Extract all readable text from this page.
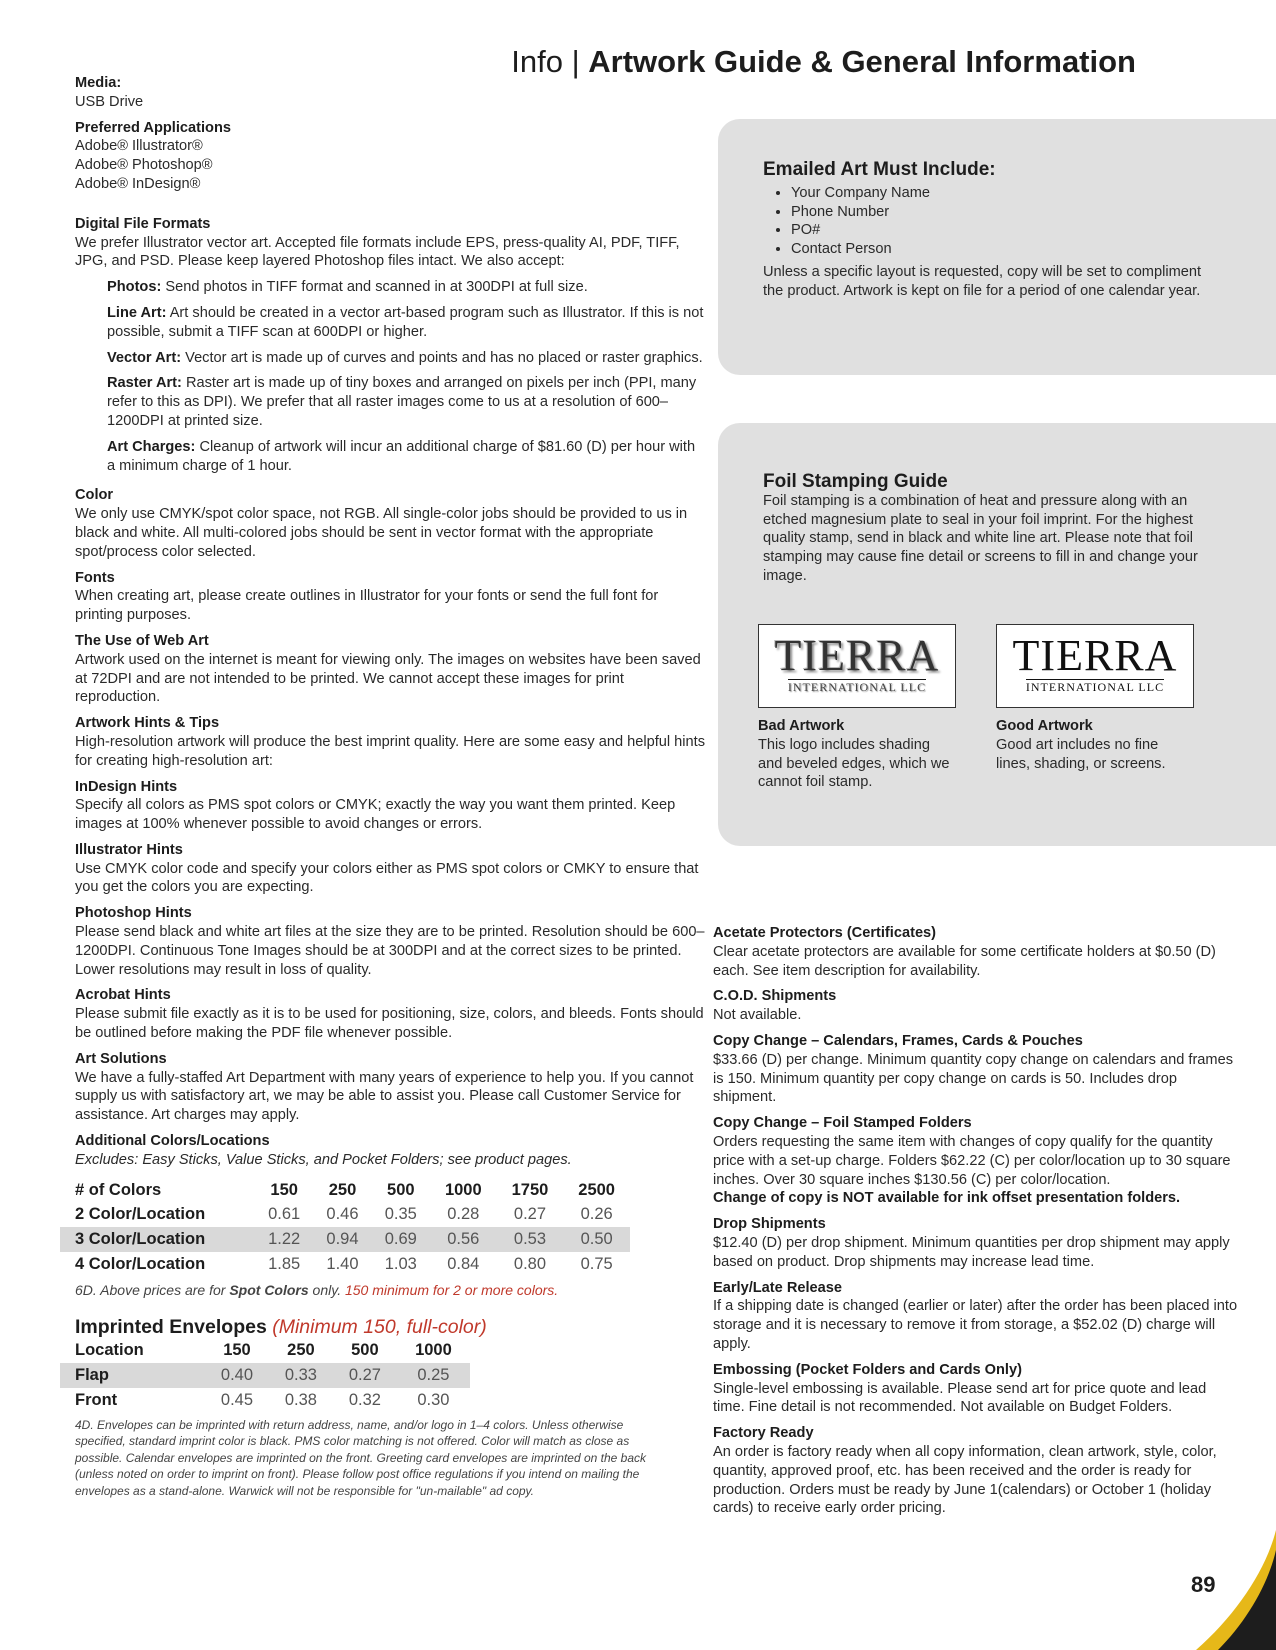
Info | Artwork Guide & General Information
Media:
USB Drive
Preferred Applications
Adobe® Illustrator®
Adobe® Photoshop®
Adobe® InDesign®
Digital File Formats
We prefer Illustrator vector art. Accepted file formats include EPS, press-quality AI, PDF, TIFF, JPG, and PSD. Please keep layered Photoshop files intact. We also accept:
Photos: Send photos in TIFF format and scanned in at 300DPI at full size.
Line Art: Art should be created in a vector art-based program such as Illustrator. If this is not possible, submit a TIFF scan at 600DPI or higher.
Vector Art: Vector art is made up of curves and points and has no placed or raster graphics.
Raster Art: Raster art is made up of tiny boxes and arranged on pixels per inch (PPI, many refer to this as DPI). We prefer that all raster images come to us at a resolution of 600–1200DPI at printed size.
Art Charges: Cleanup of artwork will incur an additional charge of $81.60 (D) per hour with a minimum charge of 1 hour.
Color
We only use CMYK/spot color space, not RGB. All single-color jobs should be provided to us in black and white. All multi-colored jobs should be sent in vector format with the appropriate spot/process color selected.
Fonts
When creating art, please create outlines in Illustrator for your fonts or send the full font for printing purposes.
The Use of Web Art
Artwork used on the internet is meant for viewing only. The images on websites have been saved at 72DPI and are not intended to be printed. We cannot accept these images for print reproduction.
Artwork Hints & Tips
High-resolution artwork will produce the best imprint quality. Here are some easy and helpful hints for creating high-resolution art:
InDesign Hints
Specify all colors as PMS spot colors or CMYK; exactly the way you want them printed. Keep images at 100% whenever possible to avoid changes or errors.
Illustrator Hints
Use CMYK color code and specify your colors either as PMS spot colors or CMKY to ensure that you get the colors you are expecting.
Photoshop Hints
Please send black and white art files at the size they are to be printed. Resolution should be 600–1200DPI. Continuous Tone Images should be at 300DPI and at the correct sizes to be printed. Lower resolutions may result in loss of quality.
Acrobat Hints
Please submit file exactly as it is to be used for positioning, size, colors, and bleeds. Fonts should be outlined before making the PDF file whenever possible.
Art Solutions
We have a fully-staffed Art Department with many years of experience to help you. If you cannot supply us with satisfactory art, we may be able to assist you. Please call Customer Service for assistance. Art charges may apply.
Additional Colors/Locations
Excludes: Easy Sticks, Value Sticks, and Pocket Folders; see product pages.
# of Colors	150	250	500	1000	1750	2500
2 Color/Location	0.61	0.46	0.35	0.28	0.27	0.26
3 Color/Location	1.22	0.94	0.69	0.56	0.53	0.50
4 Color/Location	1.85	1.40	1.03	0.84	0.80	0.75
6D. Above prices are for Spot Colors only. 150 minimum for 2 or more colors.
Imprinted Envelopes (Minimum 150, full-color)
Location	150	250	500	1000
Flap	0.40	0.33	0.27	0.25
Front	0.45	0.38	0.32	0.30
4D. Envelopes can be imprinted with return address, name, and/or logo in 1–4 colors. Unless otherwise specified, standard imprint color is black. PMS color matching is not offered. Color will match as close as possible. Calendar envelopes are imprinted on the front. Greeting card envelopes are imprinted on the back (unless noted on order to imprint on front). Please follow post office regulations if you intend on mailing the envelopes as a stand-alone. Warwick will not be responsible for "un-mailable" ad copy.
Emailed Art Must Include:
• Your Company Name
• Phone Number
• PO#
• Contact Person
Unless a specific layout is requested, copy will be set to compliment the product. Artwork is kept on file for a period of one calendar year.
Foil Stamping Guide
Foil stamping is a combination of heat and pressure along with an etched magnesium plate to seal in your foil imprint. For the highest quality stamp, send in black and white line art. Please note that foil stamping may cause fine detail or screens to fill in and change your image.
TIERRA
INTERNATIONAL LLC
TIERRA
INTERNATIONAL LLC
Bad Artwork
This logo includes shading and beveled edges, which we cannot foil stamp.
Good Artwork
Good art includes no fine lines, shading, or screens.
Acetate Protectors (Certificates)
Clear acetate protectors are available for some certificate holders at $0.50 (D) each. See item description for availability.
C.O.D. Shipments
Not available.
Copy Change – Calendars, Frames, Cards & Pouches
$33.66 (D) per change. Minimum quantity copy change on calendars and frames is 150. Minimum quantity per copy change on cards is 50. Includes drop shipment.
Copy Change – Foil Stamped Folders
Orders requesting the same item with changes of copy qualify for the quantity price with a set-up charge. Folders $62.22 (C) per color/location up to 30 square inches. Over 30 square inches $130.56 (C) per color/location.
Change of copy is NOT available for ink offset presentation folders.
Drop Shipments
$12.40 (D) per drop shipment. Minimum quantities per drop shipment may apply based on product. Drop shipments may increase lead time.
Early/Late Release
If a shipping date is changed (earlier or later) after the order has been placed into storage and it is necessary to remove it from storage, a $52.02 (D) charge will apply.
Embossing (Pocket Folders and Cards Only)
Single-level embossing is available. Please send art for price quote and lead time. Fine detail is not recommended. Not available on Budget Folders.
Factory Ready
An order is factory ready when all copy information, clean artwork, style, color, quantity, approved proof, etc. has been received and the order is ready for production. Orders must be ready by June 1(calendars) or October 1 (holiday cards) to receive early order pricing.
89
